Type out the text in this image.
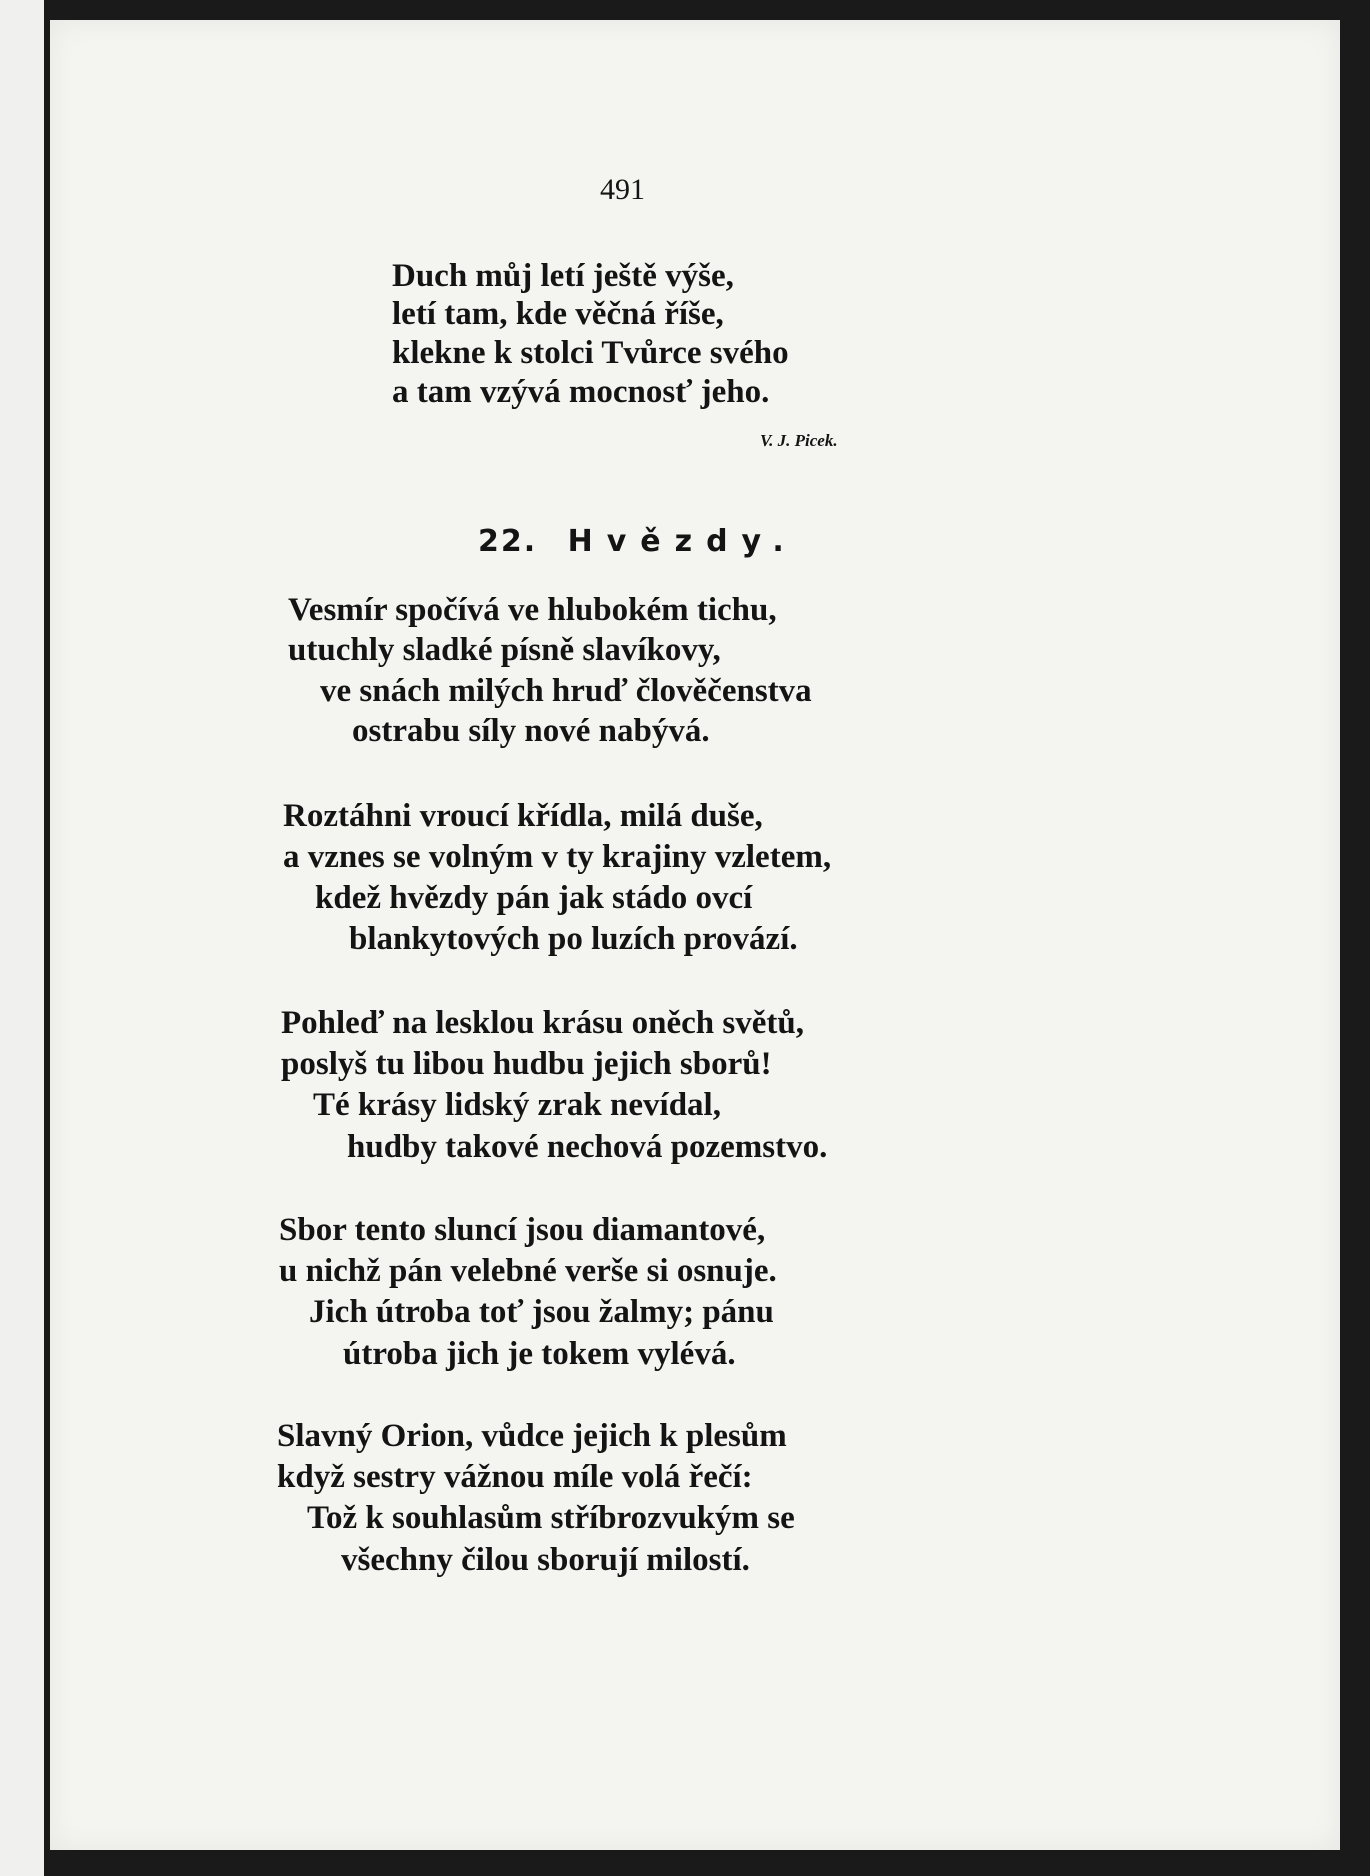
491
Duch můj letí ještě výše,
letí tam, kde věčná říše,
klekne k stolci Tvůrce svého
a tam vzývá mocnosť jeho.
V. J. Picek.
22. Hvězdy.
Vesmír spočívá ve hlubokém tichu,
utuchly sladké písně slavíkovy,
ve snách milých hruď člověčenstva
ostrabu síly nové nabývá.
Roztáhni vroucí křídla, milá duše,
a vznes se volným v ty krajiny vzletem,
kdež hvězdy pán jak stádo ovcí
blankytových po luzích provází.
Pohleď na lesklou krásu oněch světů,
poslyš tu libou hudbu jejich sborů!
Té krásy lidský zrak nevídal,
hudby takové nechová pozemstvo.
Sbor tento sluncí jsou diamantové,
u nichž pán velebné verše si osnuje.
Jich útroba toť jsou žalmy; pánu
útroba jich je tokem vylévá.
Slavný Orion, vůdce jejich k plesům
když sestry vážnou míle volá řečí:
Tož k souhlasům stříbrozvukým se
všechny čilou sborují milostí.
